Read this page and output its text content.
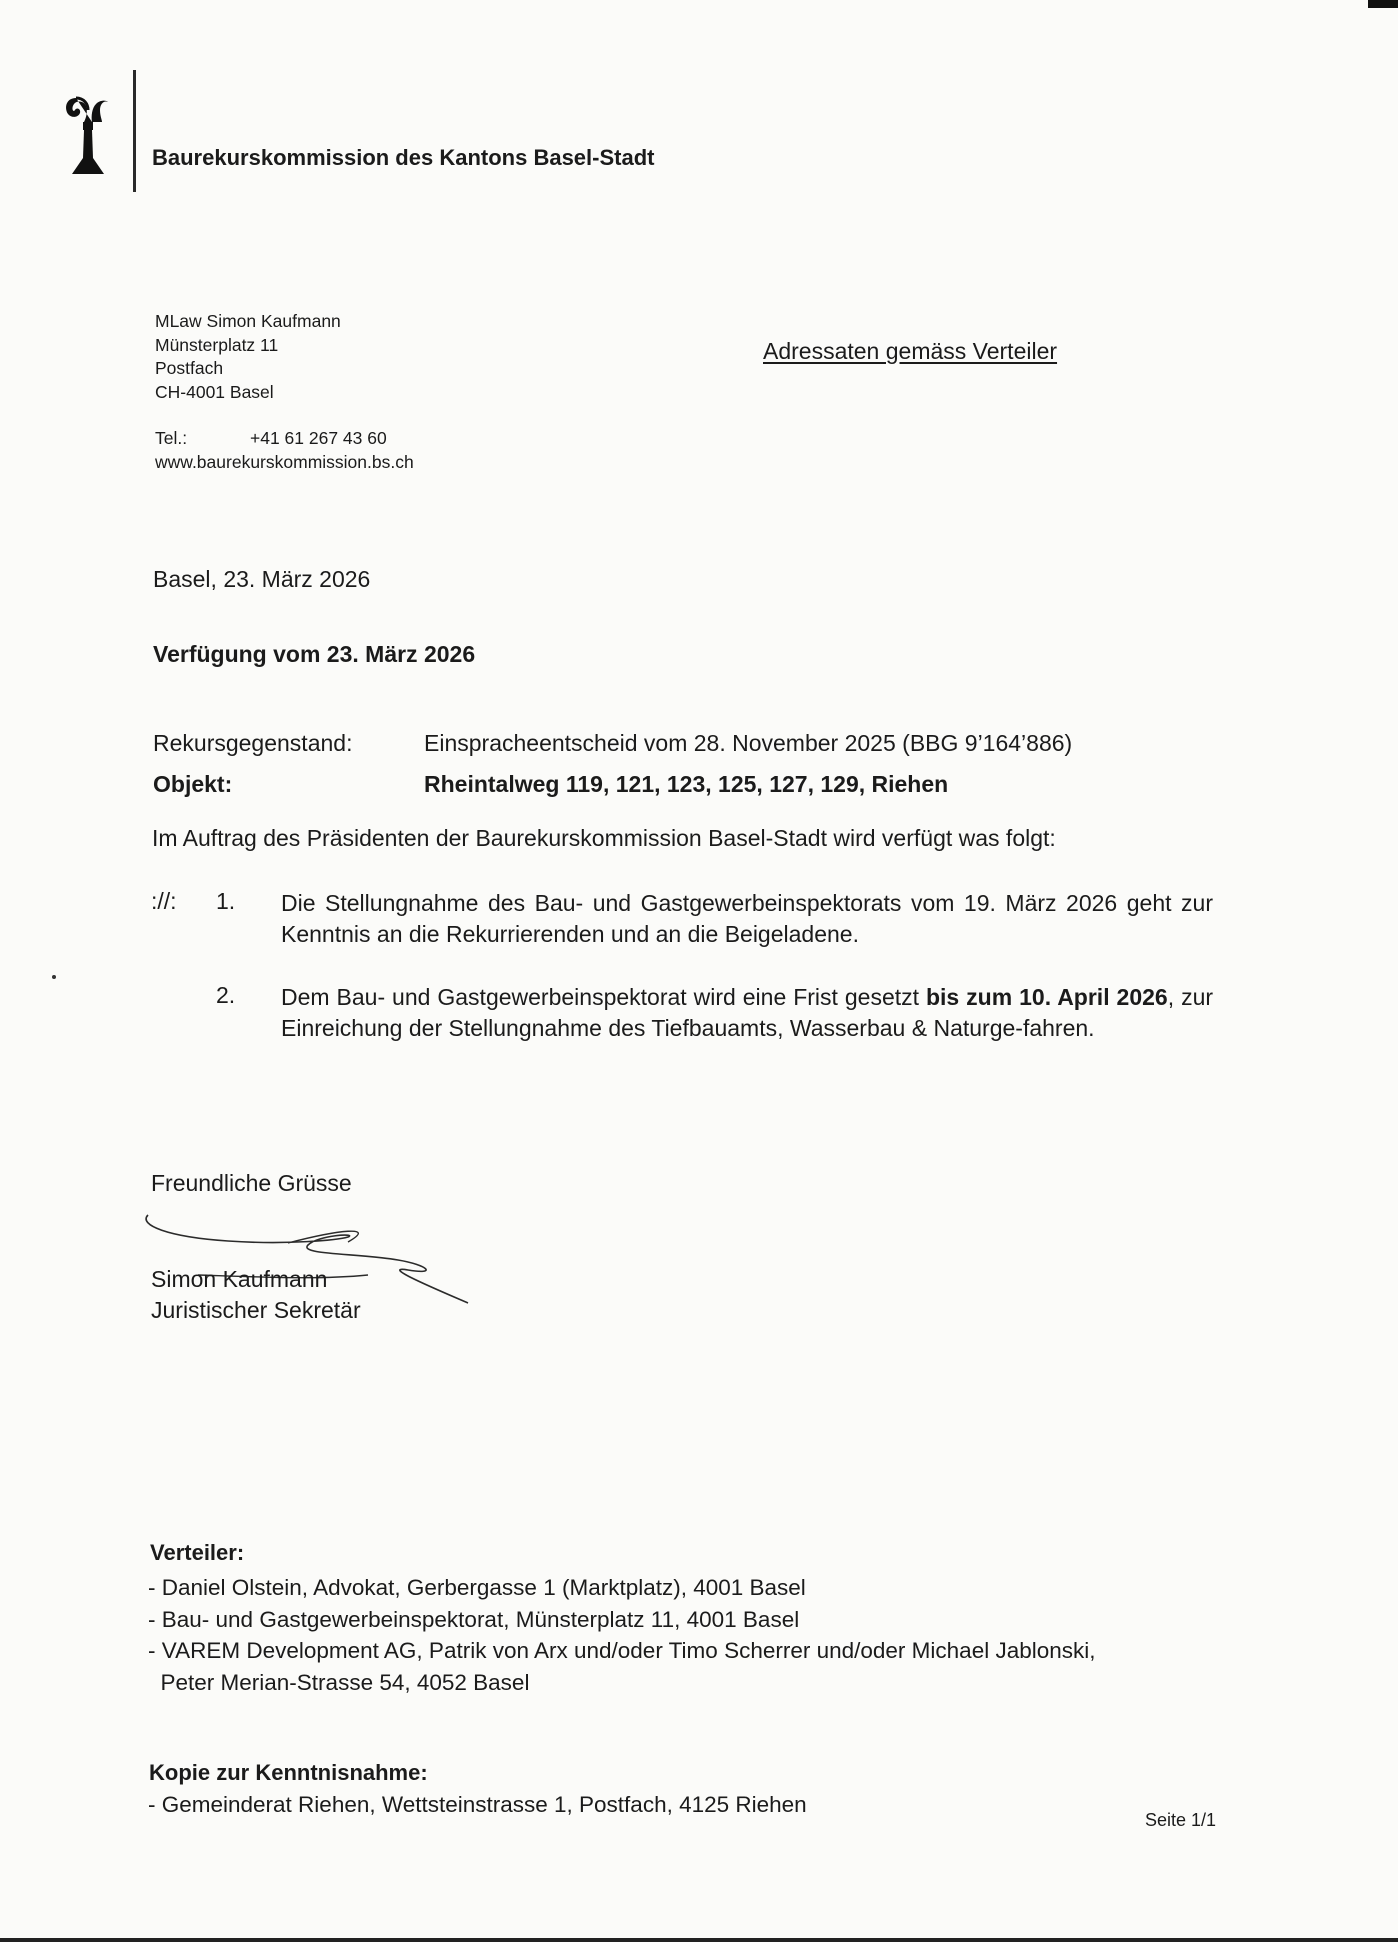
Baurekurskommission des Kantons Basel-Stadt
MLaw Simon Kaufmann
Münsterplatz 11
Postfach
CH-4001 Basel
Tel.:	+41 61 267 43 60
www.baurekurskommission.bs.ch
Adressaten gemäss Verteiler
Basel, 23. März 2026
Verfügung vom 23. März 2026
Rekursgegenstand:	Einspracheentscheid vom 28. November 2025 (BBG 9’164’886)
Objekt:	Rheintalweg 119, 121, 123, 125, 127, 129, Riehen
Im Auftrag des Präsidenten der Baurekurskommission Basel-Stadt wird verfügt was folgt:
://: 1. Die Stellungnahme des Bau- und Gastgewerbeinspektorats vom 19. März 2026 geht zur Kenntnis an die Rekurrierenden und an die Beigeladene.
2. Dem Bau- und Gastgewerbeinspektorat wird eine Frist gesetzt bis zum 10. April 2026, zur Einreichung der Stellungnahme des Tiefbauamts, Wasserbau & Naturge-fahren.
Freundliche Grüsse
Simon Kaufmann
Juristischer Sekretär
Verteiler:
- Daniel Olstein, Advokat, Gerbergasse 1 (Marktplatz), 4001 Basel
- Bau- und Gastgewerbeinspektorat, Münsterplatz 11, 4001 Basel
- VAREM Development AG, Patrik von Arx und/oder Timo Scherrer und/oder Michael Jablonski,
Peter Merian-Strasse 54, 4052 Basel
Kopie zur Kenntnisnahme:
- Gemeinderat Riehen, Wettsteinstrasse 1, Postfach, 4125 Riehen
Seite 1/1
